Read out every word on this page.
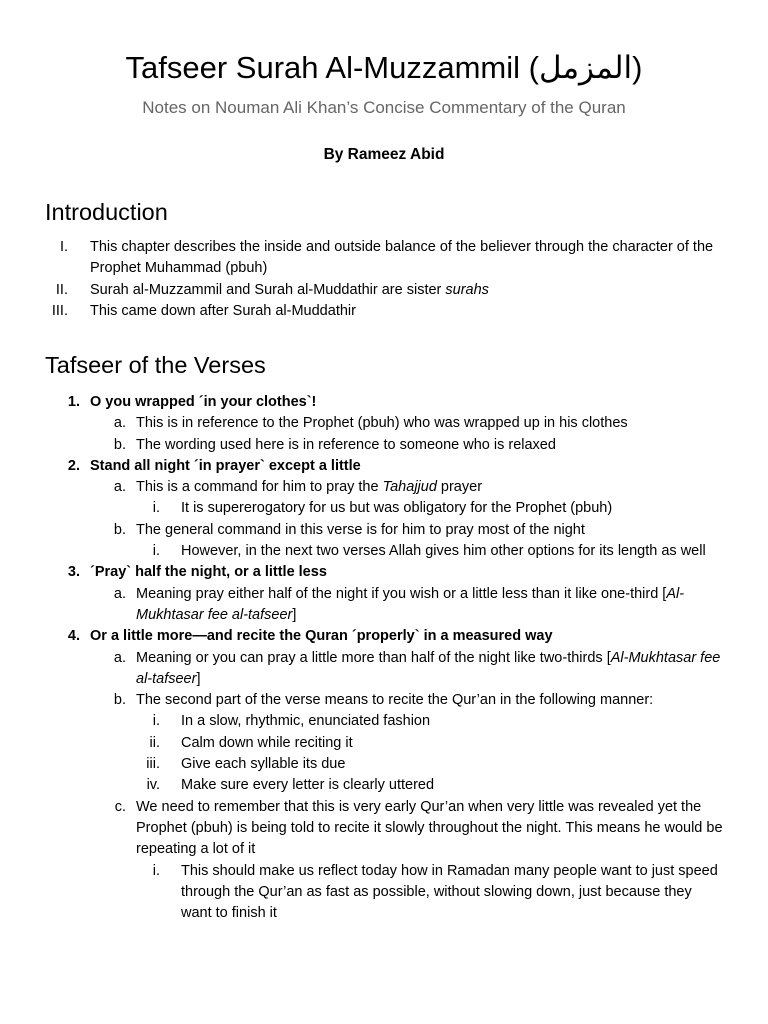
Tafseer Surah Al-Muzzammil (المزمل)
Notes on Nouman Ali Khan’s Concise Commentary of the Quran
By Rameez Abid
Introduction
I. This chapter describes the inside and outside balance of the believer through the character of the Prophet Muhammad (pbuh)
II. Surah al-Muzzammil and Surah al-Muddathir are sister surahs
III. This came down after Surah al-Muddathir
Tafseer of the Verses
1. O you wrapped ´in your clothes`!
a. This is in reference to the Prophet (pbuh) who was wrapped up in his clothes
b. The wording used here is in reference to someone who is relaxed
2. Stand all night ´in prayer` except a little
a. This is a command for him to pray the Tahajjud prayer
i. It is supererogatory for us but was obligatory for the Prophet (pbuh)
b. The general command in this verse is for him to pray most of the night
i. However, in the next two verses Allah gives him other options for its length as well
3. ´Pray` half the night, or a little less
a. Meaning pray either half of the night if you wish or a little less than it like one-third [Al-Mukhtasar fee al-tafseer]
4. Or a little more—and recite the Quran ´properly` in a measured way
a. Meaning or you can pray a little more than half of the night like two-thirds [Al-Mukhtasar fee al-tafseer]
b. The second part of the verse means to recite the Qur’an in the following manner:
i. In a slow, rhythmic, enunciated fashion
ii. Calm down while reciting it
iii. Give each syllable its due
iv. Make sure every letter is clearly uttered
c. We need to remember that this is very early Qur’an when very little was revealed yet the Prophet (pbuh) is being told to recite it slowly throughout the night. This means he would be repeating a lot of it
i. This should make us reflect today how in Ramadan many people want to just speed through the Qur’an as fast as possible, without slowing down, just because they want to finish it
